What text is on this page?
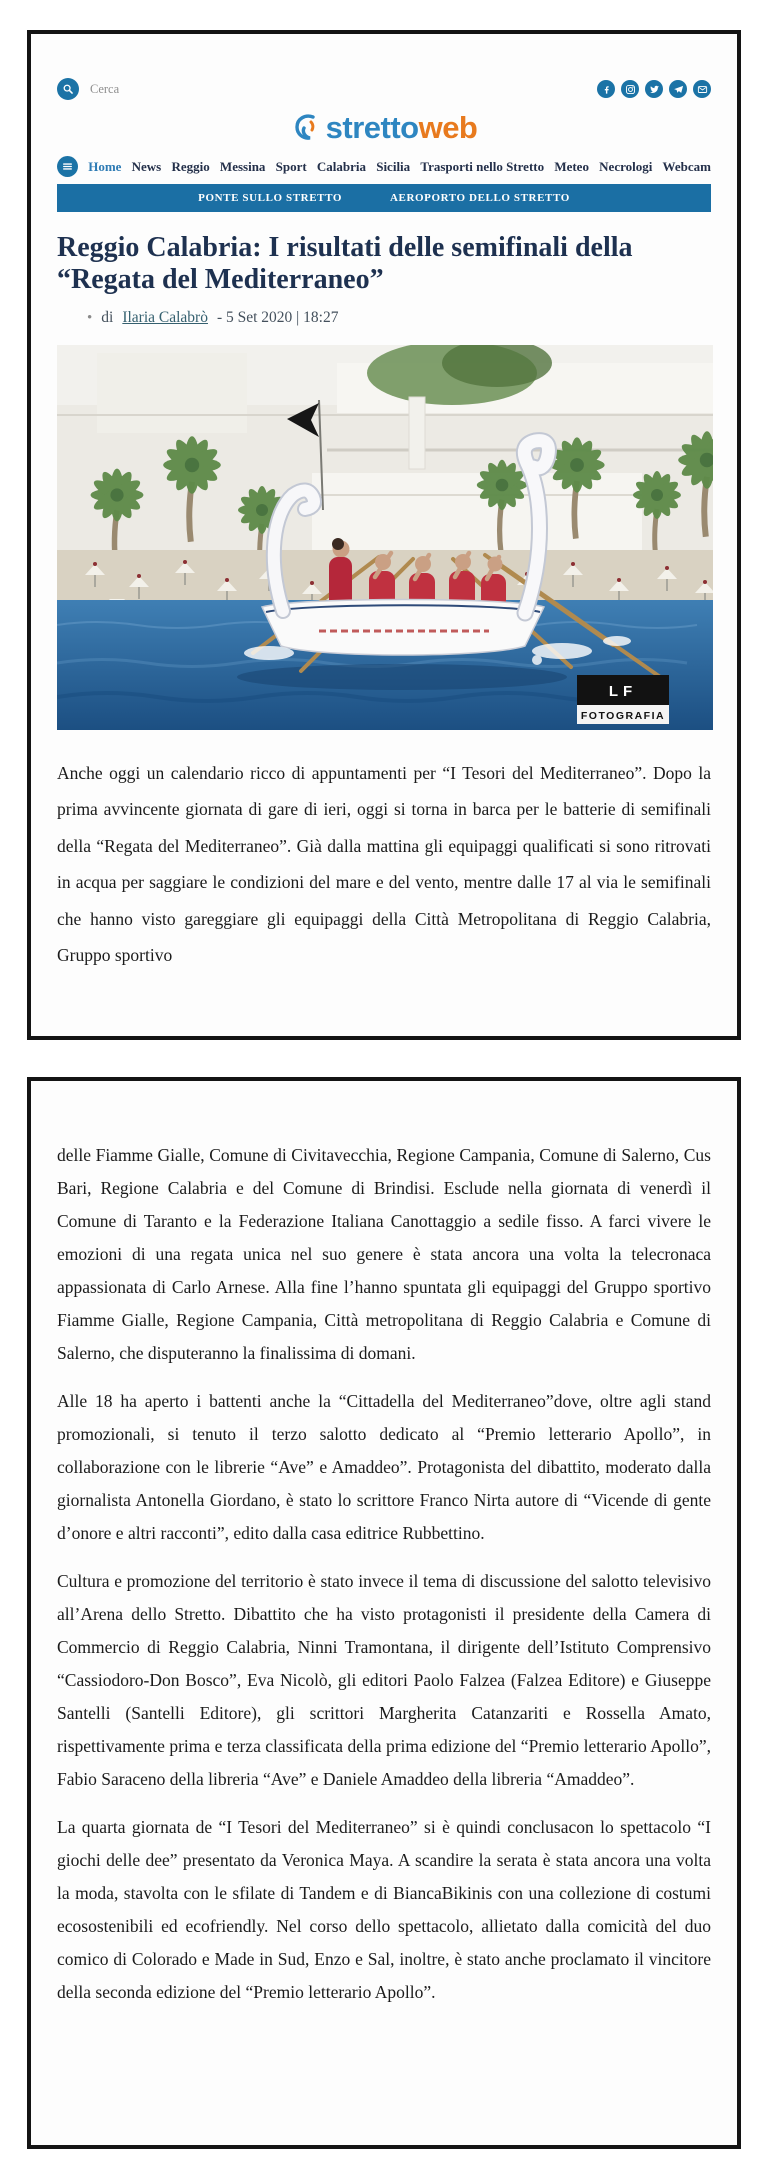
Cerca
strettoweb
Home News Reggio Messina Sport Calabria Sicilia Trasporti nello Stretto Meteo Necrologi Webcam
PONTE SULLO STRETTO	AEROPORTO DELLO STRETTO
Reggio Calabria: I risultati delle semifinali della “Regata del Mediterraneo”
• di Ilaria Calabrò - 5 Set 2020 | 18:27
LF
FOTOGRAFIA

Anche oggi un calendario ricco di appuntamenti per “I Tesori del Mediterraneo”. Dopo la prima avvincente giornata di gare di ieri, oggi si torna in barca per le batterie di semifinali della “Regata del Mediterraneo”. Già dalla mattina gli equipaggi qualificati si sono ritrovati in acqua per saggiare le condizioni del mare e del vento, mentre dalle 17 al via le semifinali che hanno visto gareggiare gli equipaggi della Città Metropolitana di Reggio Calabria, Gruppo sportivo

delle Fiamme Gialle, Comune di Civitavecchia, Regione Campania, Comune di Salerno, Cus Bari, Regione Calabria e del Comune di Brindisi. Esclude nella giornata di venerdì il Comune di Taranto e la Federazione Italiana Canottaggio a sedile fisso. A farci vivere le emozioni di una regata unica nel suo genere è stata ancora una volta la telecronaca appassionata di Carlo Arnese. Alla fine l’hanno spuntata gli equipaggi del Gruppo sportivo Fiamme Gialle, Regione Campania, Città metropolitana di Reggio Calabria e Comune di Salerno, che disputeranno la finalissima di domani.

Alle 18 ha aperto i battenti anche la “Cittadella del Mediterraneo”dove, oltre agli stand promozionali, si tenuto il terzo salotto dedicato al “Premio letterario Apollo”, in collaborazione con le librerie “Ave” e Amaddeo”. Protagonista del dibattito, moderato dalla giornalista Antonella Giordano, è stato lo scrittore Franco Nirta autore di “Vicende di gente d’onore e altri racconti”, edito dalla casa editrice Rubbettino.

Cultura e promozione del territorio è stato invece il tema di discussione del salotto televisivo all’Arena dello Stretto. Dibattito che ha visto protagonisti il presidente della Camera di Commercio di Reggio Calabria, Ninni Tramontana, il dirigente dell’Istituto Comprensivo “Cassiodoro-Don Bosco”, Eva Nicolò, gli editori Paolo Falzea (Falzea Editore) e Giuseppe Santelli (Santelli Editore), gli scrittori Margherita Catanzariti e Rossella Amato, rispettivamente prima e terza classificata della prima edizione del “Premio letterario Apollo”, Fabio Saraceno della libreria “Ave” e Daniele Amaddeo della libreria “Amaddeo”.

La quarta giornata de “I Tesori del Mediterraneo” si è quindi conclusacon lo spettacolo “I giochi delle dee” presentato da Veronica Maya. A scandire la serata è stata ancora una volta la moda, stavolta con le sfilate di Tandem e di BiancaBikinis con una collezione di costumi ecosostenibili ed ecofriendly. Nel corso dello spettacolo, allietato dalla comicità del duo comico di Colorado e Made in Sud, Enzo e Sal, inoltre, è stato anche proclamato il vincitore della seconda edizione del “Premio letterario Apollo”.
